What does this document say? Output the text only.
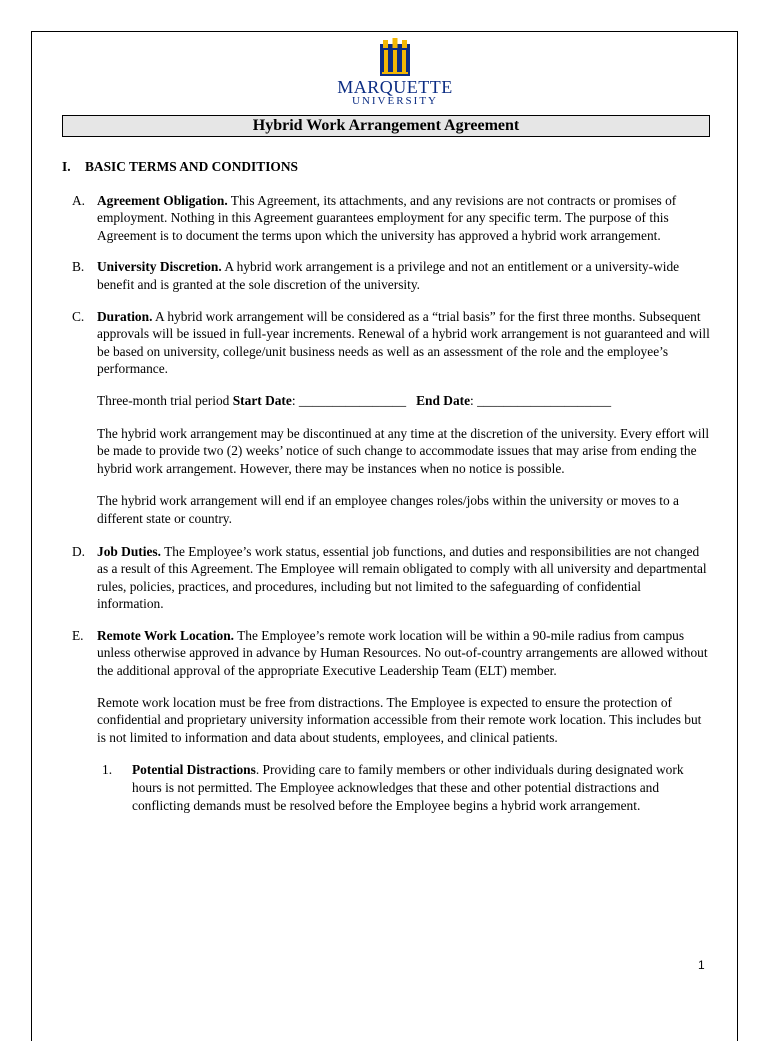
MARQUETTE
UNIVERSITY
Hybrid Work Arrangement Agreement
I. BASIC TERMS AND CONDITIONS
A. Agreement Obligation. This Agreement, its attachments, and any revisions are not contracts or promises of employment. Nothing in this Agreement guarantees employment for any specific term. The purpose of this Agreement is to document the terms upon which the university has approved a hybrid work arrangement.
B. University Discretion. A hybrid work arrangement is a privilege and not an entitlement or a university-wide benefit and is granted at the sole discretion of the university.
C. Duration. A hybrid work arrangement will be considered as a “trial basis” for the first three months. Subsequent approvals will be issued in full-year increments. Renewal of a hybrid work arrangement is not guaranteed and will be based on university, college/unit business needs as well as an assessment of the role and the employee’s performance.
Three-month trial period Start Date: ________________ End Date: ____________________
The hybrid work arrangement may be discontinued at any time at the discretion of the university. Every effort will be made to provide two (2) weeks’ notice of such change to accommodate issues that may arise from ending the hybrid work arrangement. However, there may be instances when no notice is possible.
The hybrid work arrangement will end if an employee changes roles/jobs within the university or moves to a different state or country.
D. Job Duties. The Employee’s work status, essential job functions, and duties and responsibilities are not changed as a result of this Agreement. The Employee will remain obligated to comply with all university and departmental rules, policies, practices, and procedures, including but not limited to the safeguarding of confidential information.
E. Remote Work Location. The Employee’s remote work location will be within a 90-mile radius from campus unless otherwise approved in advance by Human Resources. No out-of-country arrangements are allowed without the additional approval of the appropriate Executive Leadership Team (ELT) member.
Remote work location must be free from distractions. The Employee is expected to ensure the protection of confidential and proprietary university information accessible from their remote work location. This includes but is not limited to information and data about students, employees, and clinical patients.
1. Potential Distractions. Providing care to family members or other individuals during designated work hours is not permitted. The Employee acknowledges that these and other potential distractions and conflicting demands must be resolved before the Employee begins a hybrid work arrangement.
1
